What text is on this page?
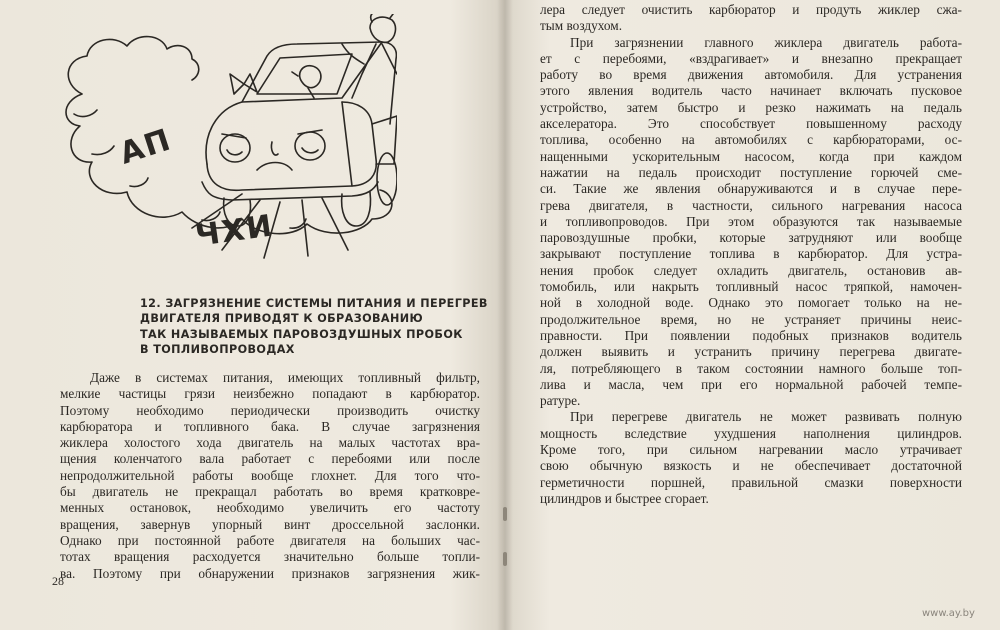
АП
ЧХИ
12. ЗАГРЯЗНЕНИЕ СИСТЕМЫ ПИТАНИЯ И ПЕРЕГРЕВ
ДВИГАТЕЛЯ ПРИВОДЯТ К ОБРАЗОВАНИЮ
ТАК НАЗЫВАЕМЫХ ПАРОВОЗДУШНЫХ ПРОБОК
В ТОПЛИВОПРОВОДАХ
Даже в системах питания, имеющих топливный фильтр,
мелкие частицы грязи неизбежно попадают в карбюратор.
Поэтому необходимо периодически производить очистку
карбюратора и топливного бака. В случае загрязнения
жиклера холостого хода двигатель на малых частотах вра-
щения коленчатого вала работает с перебоями или после
непродолжительной работы вообще глохнет. Для того что-
бы двигатель не прекращал работать во время кратковре-
менных остановок, необходимо увеличить его частоту
вращения, завернув упорный винт дроссельной заслонки.
Однако при постоянной работе двигателя на больших час-
тотах вращения расходуется значительно больше топли-
ва. Поэтому при обнаружении признаков загрязнения жик-
28
лера следует очистить карбюратор и продуть жиклер сжа-
тым воздухом.
При загрязнении главного жиклера двигатель работа-
ет с перебоями, «вздрагивает» и внезапно прекращает
работу во время движения автомобиля. Для устранения
этого явления водитель часто начинает включать пусковое
устройство, затем быстро и резко нажимать на педаль
акселератора. Это способствует повышенному расходу
топлива, особенно на автомобилях с карбюраторами, ос-
нащенными ускорительным насосом, когда при каждом
нажатии на педаль происходит поступление горючей сме-
си. Такие же явления обнаруживаются и в случае пере-
грева двигателя, в частности, сильного нагревания насоса
и топливопроводов. При этом образуются так называемые
паровоздушные пробки, которые затрудняют или вообще
закрывают поступление топлива в карбюратор. Для устра-
нения пробок следует охладить двигатель, остановив ав-
томобиль, или накрыть топливный насос тряпкой, намочен-
ной в холодной воде. Однако это помогает только на не-
продолжительное время, но не устраняет причины неис-
правности. При появлении подобных признаков водитель
должен выявить и устранить причину перегрева двигате-
ля, потребляющего в таком состоянии намного больше топ-
лива и масла, чем при его нормальной рабочей темпе-
ратуре.
При перегреве двигатель не может развивать полную
мощность вследствие ухудшения наполнения цилиндров.
Кроме того, при сильном нагревании масло утрачивает
свою обычную вязкость и не обеспечивает достаточной
герметичности поршней, правильной смазки поверхности
цилиндров и быстрее сгорает.
www.ay.by
